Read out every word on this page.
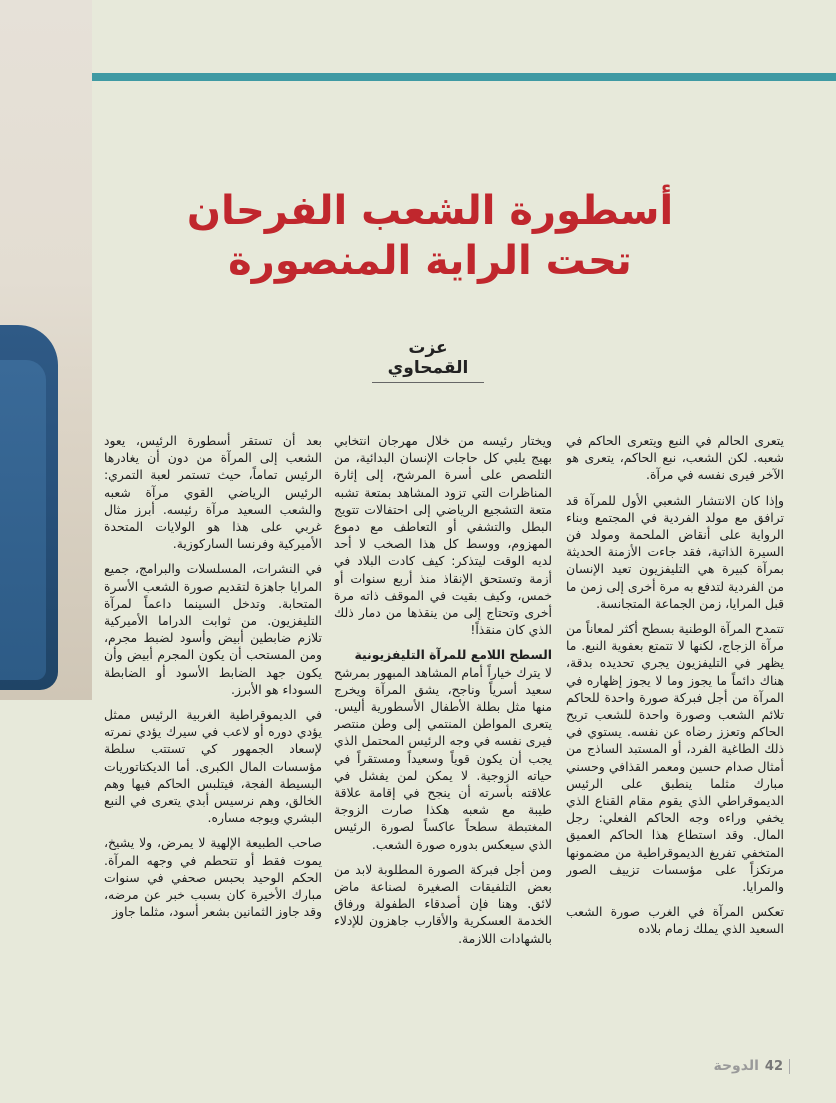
أسطورة الشعب الفرحان
تحت الراية المنصورة
عزت القمحاوي

يتعرى الحالم في النبع ويتعرى الحاكم في شعبه. لكن الشعب، نبع الحاكم، يتعرى هو الآخر فيرى نفسه في مرآة.

وإذا كان الانتشار الشعبي الأول للمرآة قد ترافق مع مولد الفردية في المجتمع وبناء الرواية على أنقاض الملحمة ومولد فن السيرة الذاتية، فقد جاءت الأزمنة الحديثة بمرآة كبيرة هي التليفزيون تعيد الإنسان من الفردية لتدفع به مرة أخرى إلى زمن ما قبل المرايا، زمن الجماعة المتجانسة.

تتمدح المرآة الوطنية بسطح أكثر لمعاناً من مرآة الزجاج، لكنها لا تتمتع بعفوية النبع. ما يظهر في التليفزيون يجري تحديده بدقة، هناك دائماً ما يجوز وما لا يجوز إظهاره في المرآة من أجل فبركة صورة واحدة للحاكم تلائم الشعب وصورة واحدة للشعب تريح الحاكم وتعزز رضاه عن نفسه. يستوي في ذلك الطاغية الفرد، أو المستبد الساذج من أمثال صدام حسين ومعمر القذافي وحسني مبارك مثلما ينطبق على الرئيس الديموقراطي الذي يقوم مقام القناع الذي يخفي وراءه وجه الحاكم الفعلي: رجل المال. وقد استطاع هذا الحاكم العميق المتخفي تفريغ الديموقراطية من مضمونها مرتكزاً على مؤسسات تزييف الصور والمرايا.

تعكس المرآة في الغرب صورة الشعب السعيد الذي يملك زمام بلاده

ويختار رئيسه من خلال مهرجان انتخابي بهيج يلبي كل حاجات الإنسان البدائية، من التلصص على أسرة المرشح، إلى إثارة المناظرات التي تزود المشاهد بمتعة تشبه متعة التشجيع الرياضي إلى احتفالات تتويج البطل والتشفي أو التعاطف مع دموع المهزوم، ووسط كل هذا الصخب لا أحد لديه الوقت ليتذكر: كيف كادت البلاد في أزمة وتستحق الإنقاذ منذ أربع سنوات أو خمس، وكيف بقيت في الموقف ذاته مرة أخرى وتحتاج إلى من ينقذها من دمار ذلك الذي كان منقذاً!

السطح اللامع للمرآة التليفزيونية

لا يترك خياراً أمام المشاهد المبهور بمرشح سعيد أسرياً وناجح، يشق المرآة ويخرج منها مثل بطلة الأطفال الأسطورية أليس. يتعرى المواطن المنتمي إلى وطن منتصر فيرى نفسه في وجه الرئيس المحتمل الذي يجب أن يكون قوياً وسعيداً ومستقراً في حياته الزوجية. لا يمكن لمن يفشل في علاقته بأسرته أن ينجح في إقامة علاقة طيبة مع شعبه هكذا صارت الزوجة المغتبطة سطحاً عاكساً لصورة الرئيس الذي سيعكس بدوره صورة الشعب.

ومن أجل فبركة الصورة المطلوبة لابد من بعض التلفيقات الصغيرة لصناعة ماض لائق. وهنا فإن أصدقاء الطفولة ورفاق الخدمة العسكرية والأقارب جاهزون للإدلاء بالشهادات اللازمة.

بعد أن تستقر أسطورة الرئيس، يعود الشعب إلى المرآة من دون أن يغادرها الرئيس تماماً، حيث تستمر لعبة التمري: الرئيس الرياضي القوي مرآة شعبه والشعب السعيد مرآة رئيسه. أبرز مثال غربي على هذا هو الولايات المتحدة الأميركية وفرنسا الساركوزية.

في النشرات، المسلسلات والبرامج، جميع المرايا جاهزة لتقديم صورة الشعب الأسرة المتحابة. وتدخل السينما داعماً لمرآة التليفزيون. من ثوابت الدراما الأميركية تلازم ضابطين أبيض وأسود لضبط مجرم، ومن المستحب أن يكون المجرم أبيض وأن يكون جهد الضابط الأسود أو الضابطة السوداء هو الأبرز.

في الديموقراطية الغربية الرئيس ممثل يؤدي دوره أو لاعب في سيرك يؤدي نمرته لإسعاد الجمهور كي تستتب سلطة مؤسسات المال الكبرى. أما الديكتاتوريات البسيطة الفجة، فيتلبس الحاكم فيها وهم الخالق، وهم نرسيس أبدي يتعرى في النبع البشري ويوجه مساره.

صاحب الطبيعة الإلهية لا يمرض، ولا يشيخ، يموت فقط أو تتحطم في وجهه المرآة. الحكم الوحيد بحبس صحفي في سنوات مبارك الأخيرة كان بسبب خبر عن مرضه، وقد جاوز الثمانين بشعر أسود، مثلما جاوز

42
الدوحة
